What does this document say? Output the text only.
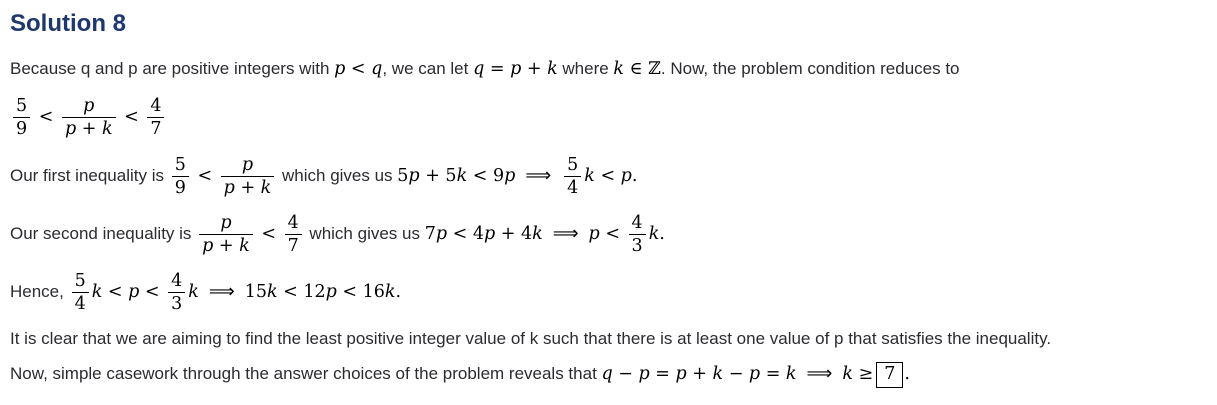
Solution 8
Because q and p are positive integers with p < q, we can let q = p + k where k ∈ ℤ. Now, the problem condition reduces to
$\frac{5}{9} < \frac{p}{p + k} < \frac{4}{7}$
Our first inequality is $\frac{5}{9} < \frac{p}{p + k}$ which gives us 5p + 5k < 9p ⟹ $\frac{5}{4}$ k < p.
Our second inequality is $\frac{p}{p + k} < \frac{4}{7}$ which gives us 7p < 4p + 4k ⟹ $p < \frac{4}{3} k$.
Hence, $\frac{5}{4}$ $k < p < \frac{4}{3}$ k ⟹ 15k < 12p < 16k.
It is clear that we are aiming to find the least positive integer value of k such that there is at least one value of p that satisfies the inequality.
Now, simple casework through the answer choices of the problem reveals that q − p = p + k − p = k ⟹ k ≥ 7 .
